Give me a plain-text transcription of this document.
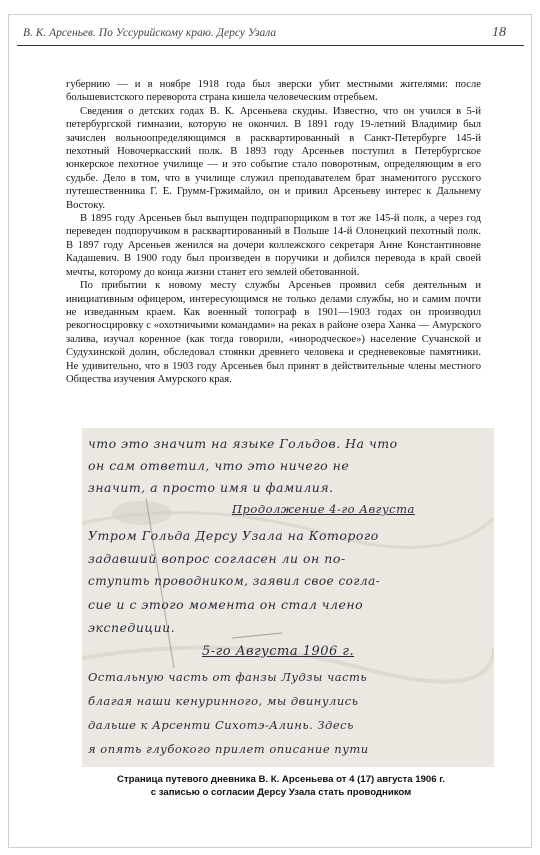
В. К. Арсеньев. По Уссурийскому краю. Дерсу Узала	18

губернию — и в ноябре 1918 года был зверски убит местными жителями: после большевистского переворота страна кишела человеческим отребьем.

Сведения о детских годах В. К. Арсеньева скудны. Известно, что он учился в 5-й петербургской гимназии, которую не окончил. В 1891 году 19-летний Владимир был зачислен вольноопределяющимся в расквартированный в Санкт-Петербурге 145-й пехотный Новочеркасский полк. В 1893 году Арсеньев поступил в Петербургское юнкерское пехотное училище — и это событие стало поворотным, определяющим в его судьбе. Дело в том, что в училище служил преподавателем брат знаменитого русского путешественника Г. Е. Грумм-Гржимайло, он и привил Арсеньеву интерес к Дальнему Востоку.

В 1895 году Арсеньев был выпущен подпрапорщиком в тот же 145-й полк, а через год переведен подпоручиком в расквартированный в Польше 14-й Олонецкий пехотный полк. В 1897 году Арсеньев женился на дочери коллежского секретаря Анне Константиновне Кадашевич. В 1900 году был произведен в поручики и добился перевода в край своей мечты, которому до конца жизни станет его землей обетованной.

По прибытии к новому месту службы Арсеньев проявил себя деятельным и инициативным офицером, интересующимся не только делами службы, но и самим почти не изведанным краем. Как военный топограф в 1901—1903 годах он производил рекогносцировку с «охотничьими командами» на реках в районе озера Ханка — Амурского залива, изучал коренное (как тогда говорили, «инородческое») население Сучанской и Судухинской долин, обследовал стоянки древнего человека и средневековые памятники. Не удивительно, что в 1903 году Арсеньев был принят в действительные члены местного Общества изучения Амурского края.

что это значит на языке Гольдов. На что
он сам ответил, что это ничего не
значит, а просто имя и фамилия.
Продолжение 4-го Августа
Утром Гольда Дерсу Узала на Которого
задавший вопрос согласен ли он по-
ступить проводником, заявил свое согла-
сие и с этого момента он стал члено
экспедиции.
5-го Августа 1906 г.
Остальную часть от фанзы Лудзы часть
благая наши кенуринного, мы двинулись
дальше к Арсенти Сихотэ-Алинь. Здесь
я опять глубокого прилет описание пути
Страница путевого дневника В. К. Арсеньева от 4 (17) августа 1906 г.
с записью о согласии Дерсу Узала стать проводником
